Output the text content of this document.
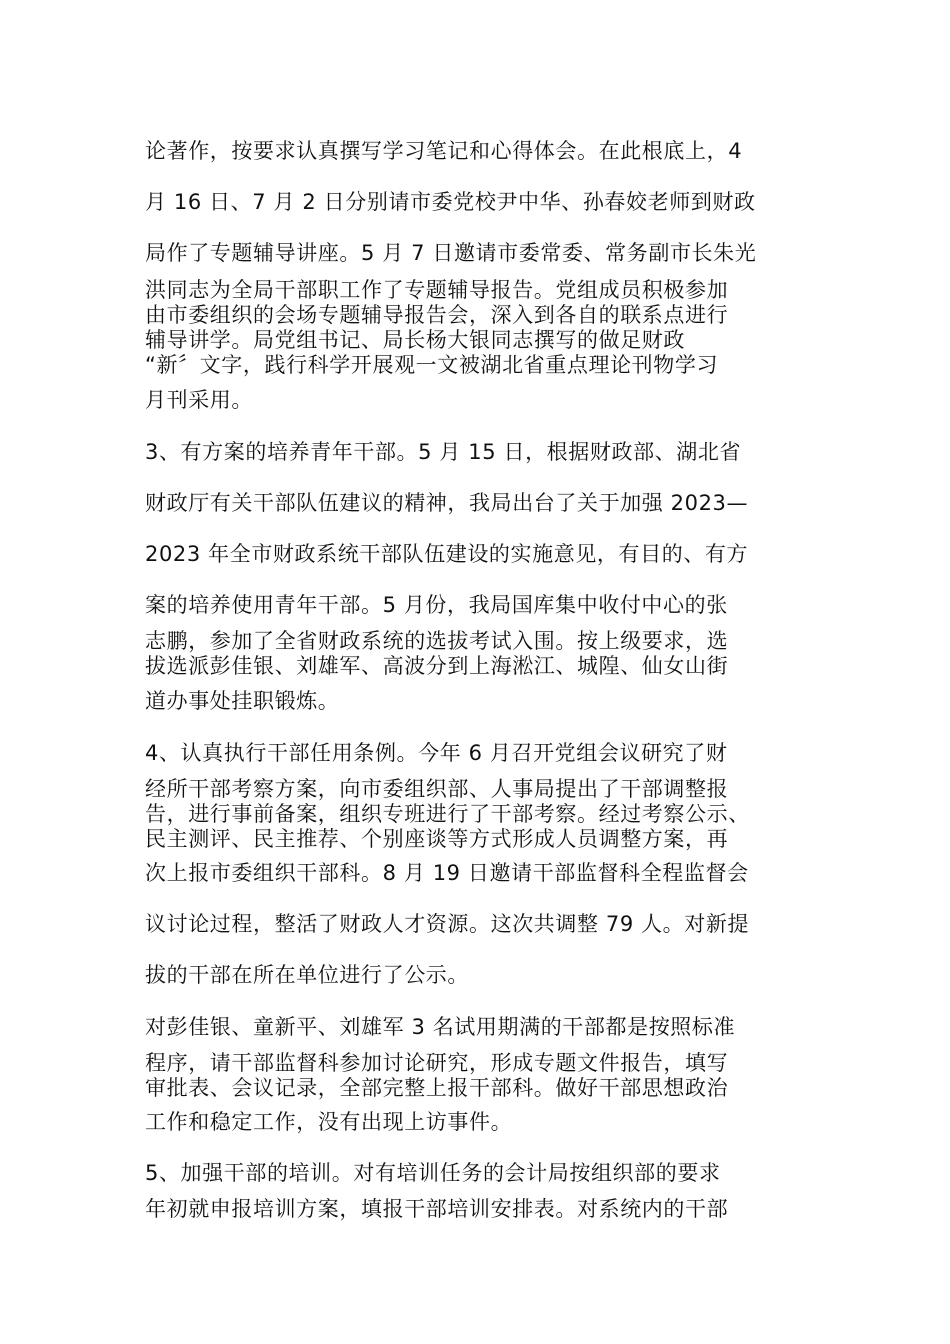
论著作，按要求认真撰写学习笔记和心得体会。在此根底上，4
月 16 日、7 月 2 日分别请市委党校尹中华、孙春姣老师到财政
局作了专题辅导讲座。5 月 7 日邀请市委常委、常务副市长朱光
洪同志为全局干部职工作了专题辅导报告。党组成员积极参加
由市委组织的会场专题辅导报告会，深入到各自的联系点进行
辅导讲学。局党组书记、局长杨大银同志撰写的做足财政
“新〞文字，践行科学开展观一文被湖北省重点理论刊物学习
月刊采用。
3、有方案的培养青年干部。5 月 15 日，根据财政部、湖北省
财政厅有关干部队伍建议的精神，我局出台了关于加强 2023—
2023 年全市财政系统干部队伍建设的实施意见，有目的、有方
案的培养使用青年干部。5 月份，我局国库集中收付中心的张
志鹏，参加了全省财政系统的选拔考试入围。按上级要求，选
拔选派彭佳银、刘雄军、高波分到上海淞江、城隍、仙女山街
道办事处挂职锻炼。
4、认真执行干部任用条例。今年 6 月召开党组会议研究了财
经所干部考察方案，向市委组织部、人事局提出了干部调整报
告，进行事前备案，组织专班进行了干部考察。经过考察公示、
民主测评、民主推荐、个别座谈等方式形成人员调整方案，再
次上报市委组织干部科。8 月 19 日邀请干部监督科全程监督会
议讨论过程，整活了财政人才资源。这次共调整 79 人。对新提
拔的干部在所在单位进行了公示。
对彭佳银、童新平、刘雄军 3 名试用期满的干部都是按照标准
程序，请干部监督科参加讨论研究，形成专题文件报告，填写
审批表、会议记录，全部完整上报干部科。做好干部思想政治
工作和稳定工作，没有出现上访事件。
5、加强干部的培训。对有培训任务的会计局按组织部的要求
年初就申报培训方案，填报干部培训安排表。对系统内的干部
